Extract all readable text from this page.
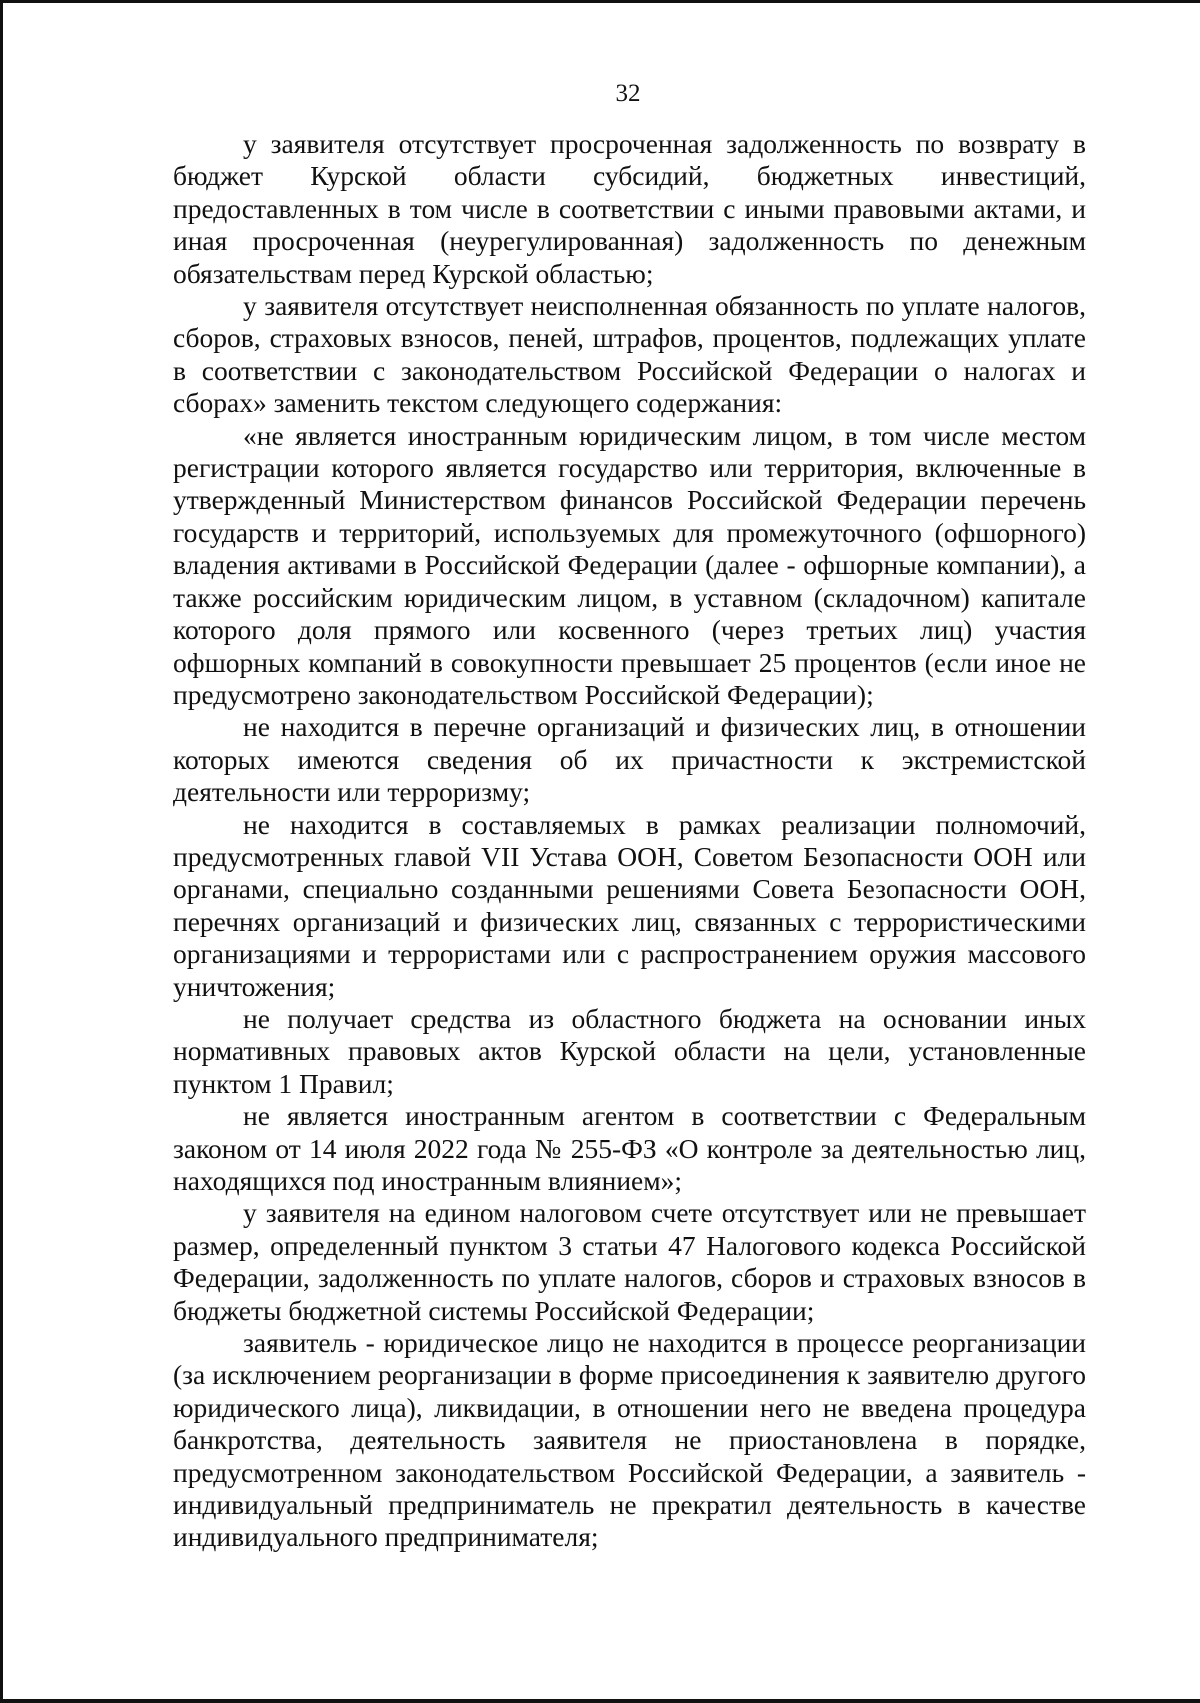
32

у заявителя отсутствует просроченная задолженность по возврату в бюджет Курской области субсидий, бюджетных инвестиций, предоставленных в том числе в соответствии с иными правовыми актами, и иная просроченная (неурегулированная) задолженность по денежным обязательствам перед Курской областью;

у заявителя отсутствует неисполненная обязанность по уплате налогов, сборов, страховых взносов, пеней, штрафов, процентов, подлежащих уплате в соответствии с законодательством Российской Федерации о налогах и сборах» заменить текстом следующего содержания:

«не является иностранным юридическим лицом, в том числе местом регистрации которого является государство или территория, включенные в утвержденный Министерством финансов Российской Федерации перечень государств и территорий, используемых для промежуточного (офшорного) владения активами в Российской Федерации (далее - офшорные компании), а также российским юридическим лицом, в уставном (складочном) капитале которого доля прямого или косвенного (через третьих лиц) участия офшорных компаний в совокупности превышает 25 процентов (если иное не предусмотрено законодательством Российской Федерации);

не находится в перечне организаций и физических лиц, в отношении которых имеются сведения об их причастности к экстремистской деятельности или терроризму;

не находится в составляемых в рамках реализации полномочий, предусмотренных главой VII Устава ООН, Советом Безопасности ООН или органами, специально созданными решениями Совета Безопасности ООН, перечнях организаций и физических лиц, связанных с террористическими организациями и террористами или с распространением оружия массового уничтожения;

не получает средства из областного бюджета на основании иных нормативных правовых актов Курской области на цели, установленные пунктом 1 Правил;

не является иностранным агентом в соответствии с Федеральным законом от 14 июля 2022 года № 255-ФЗ «О контроле за деятельностью лиц, находящихся под иностранным влиянием»;

у заявителя на едином налоговом счете отсутствует или не превышает размер, определенный пунктом 3 статьи 47 Налогового кодекса Российской Федерации, задолженность по уплате налогов, сборов и страховых взносов в бюджеты бюджетной системы Российской Федерации;

заявитель - юридическое лицо не находится в процессе реорганизации (за исключением реорганизации в форме присоединения к заявителю другого юридического лица), ликвидации, в отношении него не введена процедура банкротства, деятельность заявителя не приостановлена в порядке, предусмотренном законодательством Российской Федерации, а заявитель - индивидуальный предприниматель не прекратил деятельность в качестве индивидуального предпринимателя;
